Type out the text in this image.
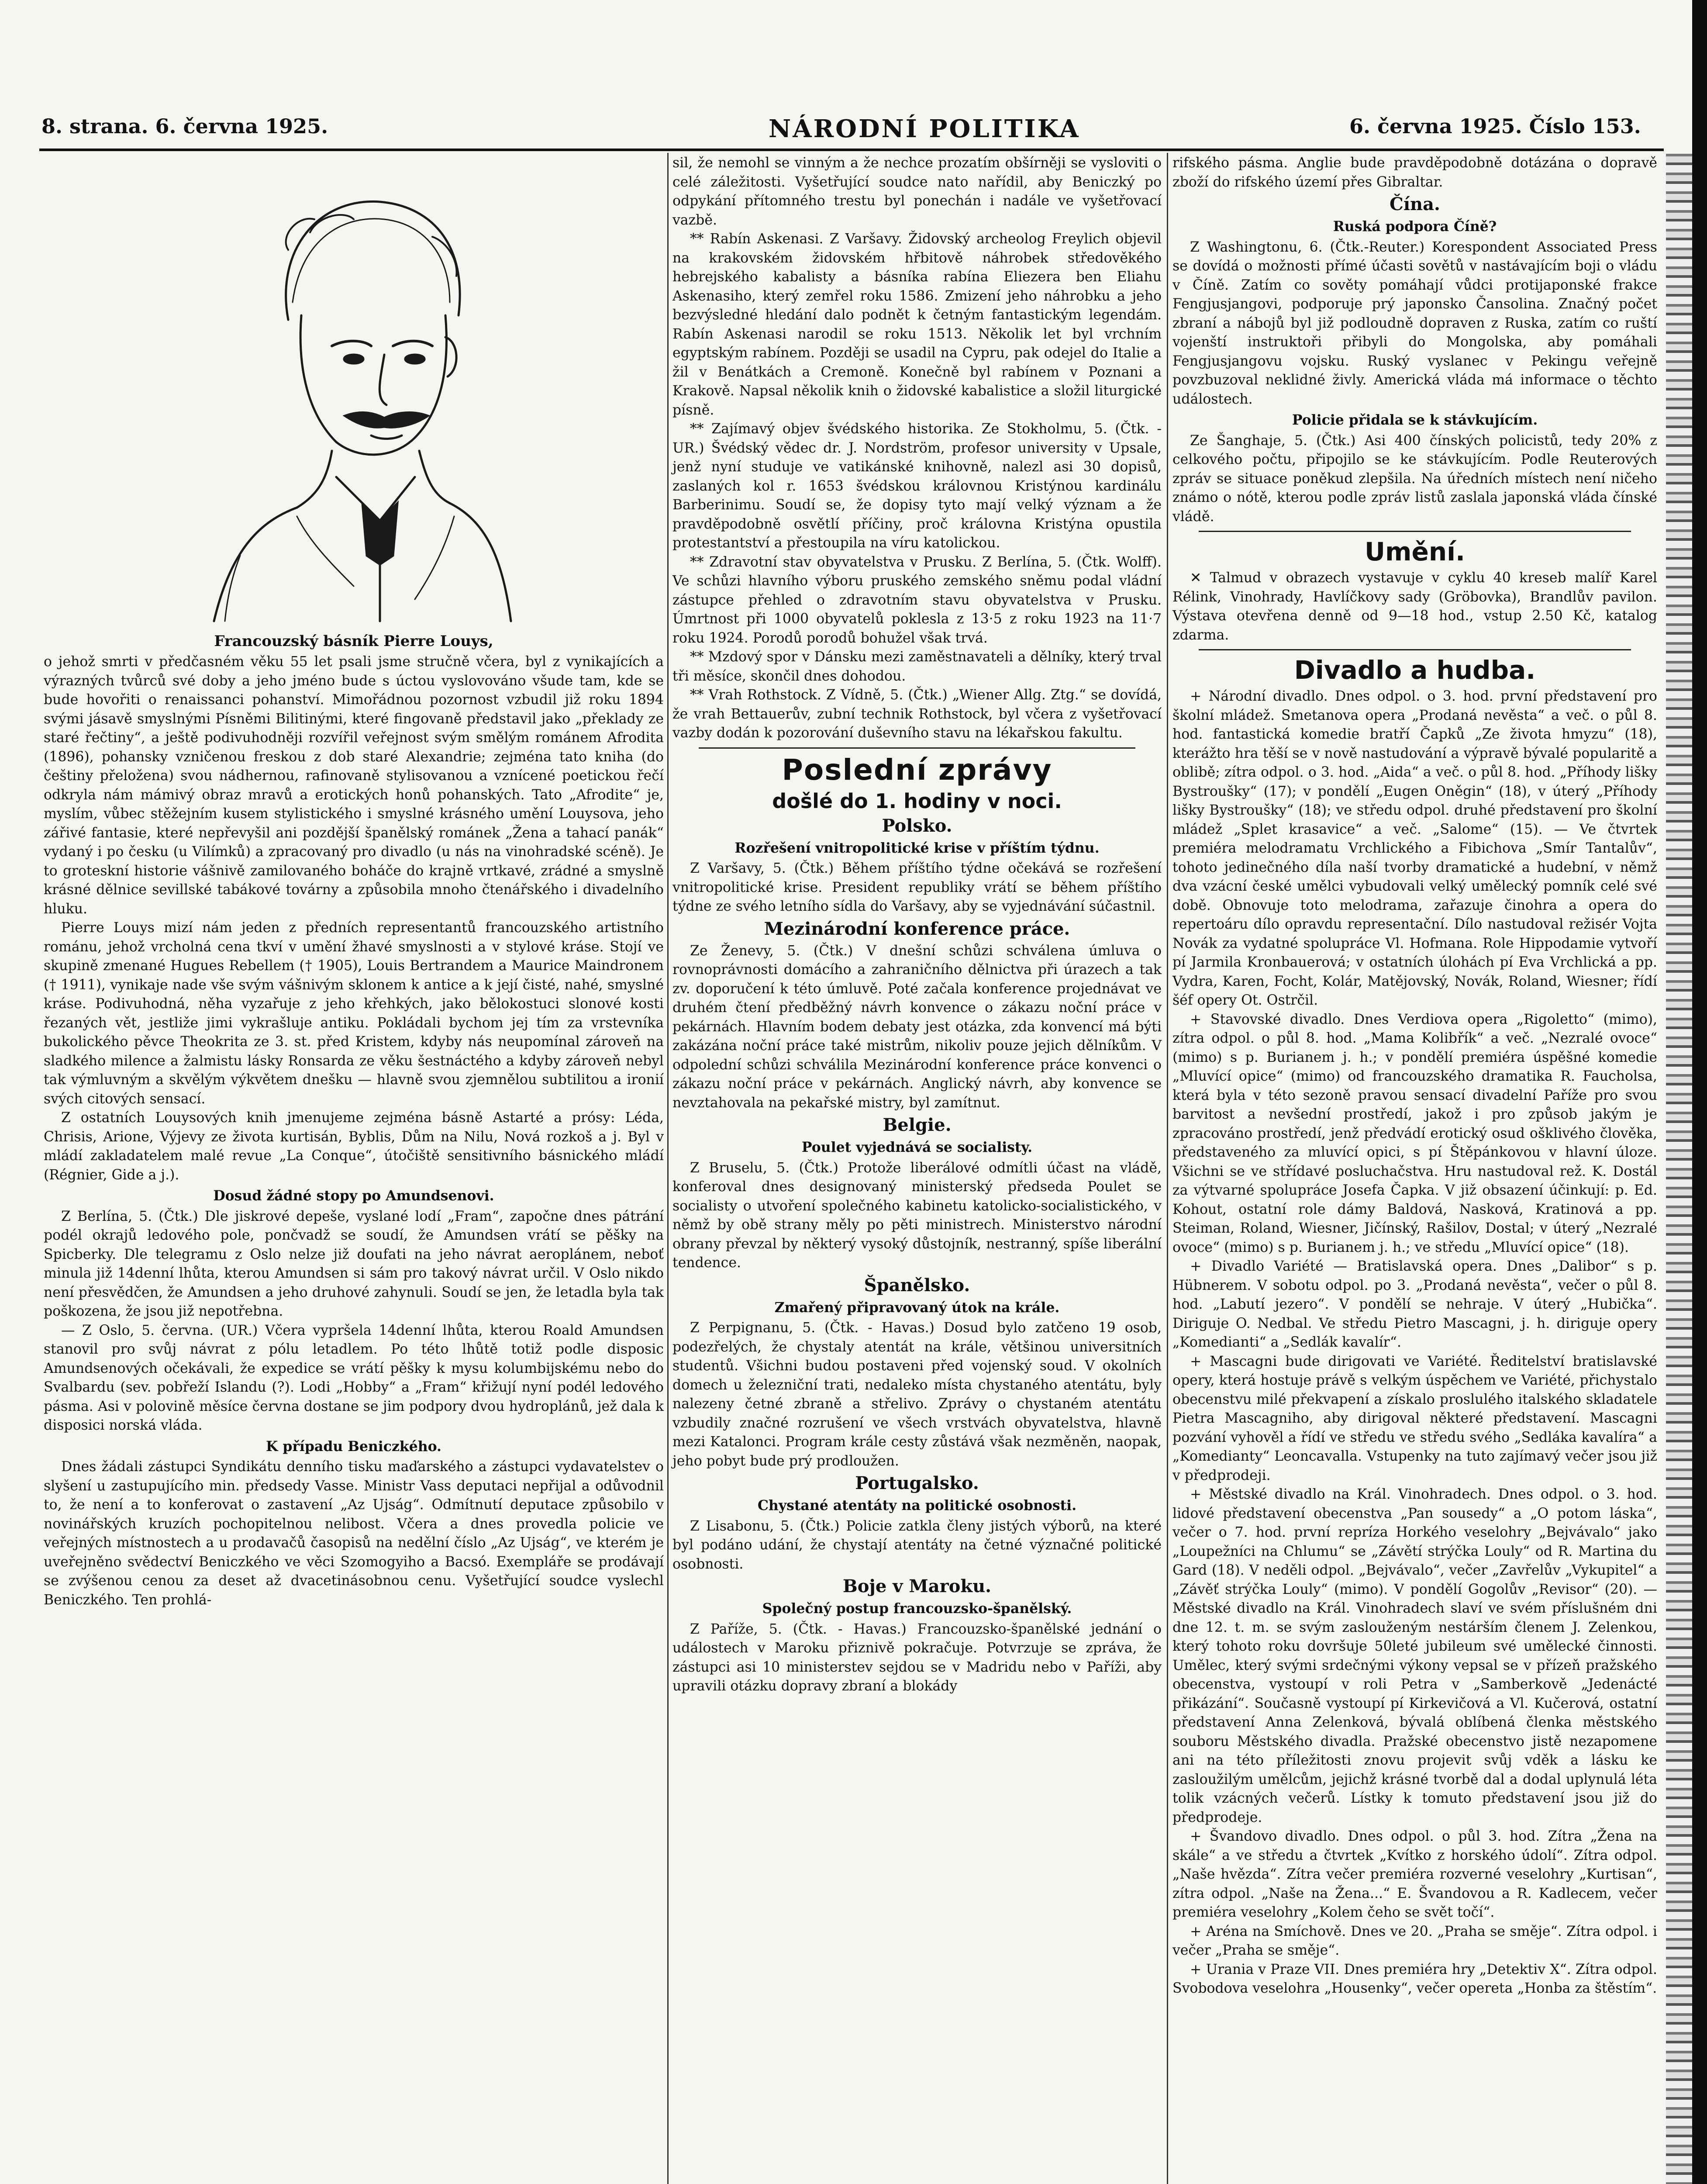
8. strana. 6. června 1925.	NÁRODNÍ POLITIKA	6. června 1925. Číslo 153.

Francouzský básník Pierre Louys,

o jehož smrti v předčasném věku 55 let psali jsme stručně včera, byl z vynikajících a výrazných tvůrců své doby a jeho jméno bude s úctou vyslovováno všude tam, kde se bude hovořiti o renaissanci pohanství. Mimořádnou pozornost vzbudil již roku 1894 svými jásavě smyslnými Písněmi Bilitinými, které fingovaně představil jako „překlady ze staré řečtiny“, a ještě podivuhodněji rozvířil veřejnost svým smělým románem Afrodita (1896), pohansky vzničenou freskou z dob staré Alexandrie; zejména tato kniha (do češtiny přeložena) svou nádhernou, rafinovaně stylisovanou a vznícené poetickou řečí odkryla nám mámivý obraz mravů a erotických honů pohanských. Tato „Afrodite“ je, myslím, vůbec stěžejním kusem stylistického i smyslné krásného umění Louysova, jeho zářivé fantasie, které nepřevyšil ani pozdější španělský románek „Žena a tahací panák“ vydaný i po česku (u Vilímků) a zpracovaný pro divadlo (u nás na vinohradské scéně). Je to groteskní historie vášnivě zamilovaného boháče do krajně vrtkavé, zrádné a smyslně krásné dělnice sevillské tabákové továrny a způsobila mnoho čtenářského i divadelního hluku.

Pierre Louys mizí nám jeden z předních representantů francouzského artistního románu, jehož vrcholná cena tkví v umění žhavé smyslnosti a v stylové kráse. Stojí ve skupině zmenané Hugues Rebellem († 1905), Louis Bertrandem a Maurice Maindronem († 1911), vynikaje nade vše svým vášnivým sklonem k antice a k její čisté, nahé, smyslné kráse. Podivuhodná, něha vyzařuje z jeho křehkých, jako bělokostuci slonové kosti řezaných vět, jestliže jimi vykrašluje antiku. Pokládali bychom jej tím za vrstevníka bukolického pěvce Theokrita ze 3. st. před Kristem, kdyby nás neupomínal zároveň na sladkého milence a žalmistu lásky Ronsarda ze věku šestnáctého a kdyby zároveň nebyl tak výmluvným a skvělým výkvětem dnešku — hlavně svou zjemnělou subtilitou a ironií svých citových sensací.

Z ostatních Louysových knih jmenujeme zejména básně Astarté a prósy: Léda, Chrisis, Arione, Výjevy ze života kurtisán, Byblis, Dům na Nilu, Nová rozkoš a j. Byl v mládí zakladatelem malé revue „La Conque“, útočiště sensitivního básnického mládí (Régnier, Gide a j.).

Dosud žádné stopy po Amundsenovi.

Z Berlína, 5. (Čtk.) Dle jiskrové depeše, vyslané lodí „Fram“, započne dnes pátrání podél okrajů ledového pole, pončvadž se soudí, že Amundsen vrátí se pěšky na Spicberky. Dle telegramu z Oslo nelze již doufati na jeho návrat aeroplánem, neboť minula již 14denní lhůta, kterou Amundsen si sám pro takový návrat určil. V Oslo nikdo není přesvědčen, že Amundsen a jeho druhové zahynuli. Soudí se jen, že letadla byla tak poškozena, že jsou již nepotřebna.

— Z Oslo, 5. června. (UR.) Včera vypršela 14denní lhůta, kterou Roald Amundsen stanovil pro svůj návrat z pólu letadlem. Po této lhůtě totiž podle disposic Amundsenových očekávali, že expedice se vrátí pěšky k mysu kolumbijskému nebo do Svalbardu (sev. pobřeží Islandu (?). Lodi „Hobby“ a „Fram“ křižují nyní podél ledového pásma. Asi v polovině měsíce června dostane se jim podpory dvou hydroplánů, jež dala k disposici norská vláda.

K případu Beniczkého.

Dnes žádali zástupci Syndikátu denního tisku maďarského a zástupci vydavatelstev o slyšení u zastupujícího min. předsedy Vasse. Ministr Vass deputaci nepřijal a odůvodnil to, že není a to konferovat o zastavení „Az Ujság“. Odmítnutí deputace způsobilo v novinářských kruzích pochopitelnou nelibost. Včera a dnes provedla policie ve veřejných místnostech a u prodavačů časopisů na nedělní číslo „Az Ujság“, ve kterém je uveřejněno svědectví Beniczkého ve věci Szomogyiho a Bacsó. Exempláře se prodávají se zvýšenou cenou za deset až dvacetinásobnou cenu. Vyšetřující soudce vyslechl Beniczkého. Ten prohlá-

sil, že nemohl se vinným a že nechce prozatím obšírněji se vysloviti o celé záležitosti. Vyšetřující soudce nato nařídil, aby Beniczký po odpykání přítomného trestu byl ponechán i nadále ve vyšetřovací vazbě.

** Rabín Askenasi. Z Varšavy. Židovský archeolog Freylich objevil na krakovském židovském hřbitově náhrobek středověkého hebrejského kabalisty a básníka rabína Eliezera ben Eliahu Askenasiho, který zemřel roku 1586. Zmizení jeho náhrobku a jeho bezvýsledné hledání dalo podnět k četným fantastickým legendám. Rabín Askenasi narodil se roku 1513. Několik let byl vrchním egyptským rabínem. Později se usadil na Cypru, pak odejel do Italie a žil v Benátkách a Cremoně. Konečně byl rabínem v Poznani a Krakově. Napsal několik knih o židovské kabalistice a složil liturgické písně.

** Zajímavý objev švédského historika. Ze Stokholmu, 5. (Čtk. - UR.) Švédský vědec dr. J. Nordström, profesor university v Upsale, jenž nyní studuje ve vatikánské knihovně, nalezl asi 30 dopisů, zaslaných kol r. 1653 švédskou královnou Kristýnou kardinálu Barberinimu. Soudí se, že dopisy tyto mají velký význam a že pravděpodobně osvětlí příčiny, proč královna Kristýna opustila protestantství a přestoupila na víru katolickou.

** Zdravotní stav obyvatelstva v Prusku. Z Berlína, 5. (Čtk. Wolff). Ve schůzi hlavního výboru pruského zemského sněmu podal vládní zástupce přehled o zdravotním stavu obyvatelstva v Prusku. Úmrtnost při 1000 obyvatelů poklesla z 13·5 z roku 1923 na 11·7 roku 1924. Porodů porodů bohužel však trvá.

** Mzdový spor v Dánsku mezi zaměstnavateli a dělníky, který trval tři měsíce, skončil dnes dohodou.

** Vrah Rothstock. Z Vídně, 5. (Čtk.) „Wiener Allg. Ztg.“ se dovídá, že vrah Bettauerův, zubní technik Rothstock, byl včera z vyšetřovací vazby dodán k pozorování duševního stavu na lékařskou fakultu.

Poslední zprávy

došlé do 1. hodiny v noci.

Polsko.

Rozřešení vnitropolitické krise v příštím týdnu.

Z Varšavy, 5. (Čtk.) Během příštího týdne očekává se rozřešení vnitropolitické krise. President republiky vrátí se během příštího týdne ze svého letního sídla do Varšavy, aby se vyjednávání súčastnil.

Mezinárodní konference práce.

Ze Ženevy, 5. (Čtk.) V dnešní schůzi schválena úmluva o rovnoprávnosti domácího a zahraničního dělnictva při úrazech a tak zv. doporučení k této úmluvě. Poté začala konference projednávat ve druhém čtení předběžný návrh konvence o zákazu noční práce v pekárnách. Hlavním bodem debaty jest otázka, zda konvencí má býti zakázána noční práce také mistrům, nikoliv pouze jejich dělníkům. V odpolední schůzi schválila Mezinárodní konference práce konvenci o zákazu noční práce v pekárnách. Anglický návrh, aby konvence se nevztahovala na pekařské mistry, byl zamítnut.

Belgie.

Poulet vyjednává se socialisty.

Z Bruselu, 5. (Čtk.) Protože liberálové odmítli účast na vládě, konferoval dnes designovaný ministerský předseda Poulet se socialisty o utvoření společného kabinetu katolicko-socialistického, v němž by obě strany měly po pěti ministrech. Ministerstvo národní obrany převzal by některý vysoký důstojník, nestranný, spíše liberální tendence.

Španělsko.

Zmařený připravovaný útok na krále.

Z Perpignanu, 5. (Čtk. - Havas.) Dosud bylo zatčeno 19 osob, podezřelých, že chystaly atentát na krále, většinou universitních studentů. Všichni budou postaveni před vojenský soud. V okolních domech u železniční trati, nedaleko místa chystaného atentátu, byly nalezeny četné zbraně a střelivo. Zprávy o chystaném atentátu vzbudily značné rozrušení ve všech vrstvách obyvatelstva, hlavně mezi Katalonci. Program krále cesty zůstává však nezměněn, naopak, jeho pobyt bude prý prodloužen.

Portugalsko.

Chystané atentáty na politické osobnosti.

Z Lisabonu, 5. (Čtk.) Policie zatkla členy jistých výborů, na které byl podáno udání, že chystají atentáty na četné význačné politické osobnosti.

Boje v Maroku.

Společný postup francouzsko-španělský.

Z Paříže, 5. (Čtk. - Havas.) Francouzsko-španělské jednání o událostech v Maroku přiznivě pokračuje. Potvrzuje se zpráva, že zástupci asi 10 ministerstev sejdou se v Madridu nebo v Paříži, aby upravili otázku dopravy zbraní a blokády

rifského pásma. Anglie bude pravděpodobně dotázána o dopravě zboží do rifského území přes Gibraltar.

Čína.

Ruská podpora Číně?

Z Washingtonu, 6. (Čtk.-Reuter.) Korespondent Associated Press se dovídá o možnosti přímé účasti sovětů v nastávajícím boji o vládu v Číně. Zatím co sověty pomáhají vůdci protijaponské frakce Fengjusjangovi, podporuje prý japonsko Čansolina. Značný počet zbraní a nábojů byl již podloudně dopraven z Ruska, zatím co ruští vojenští instruktoři přibyli do Mongolska, aby pomáhali Fengjusjangovu vojsku. Ruský vyslanec v Pekingu veřejně povzbuzoval neklidné živly. Americká vláda má informace o těchto událostech.

Policie přidala se k stávkujícím.

Ze Šanghaje, 5. (Čtk.) Asi 400 čínských policistů, tedy 20% z celkového počtu, připojilo se ke stávkujícím. Podle Reuterových zpráv se situace poněkud zlepšila. Na úředních místech není ničeho známo o nótě, kterou podle zpráv listů zaslala japonská vláda čínské vládě.

Umění.

✕ Talmud v obrazech vystavuje v cyklu 40 kreseb malíř Karel Rélink, Vinohrady, Havlíčkovy sady (Gröbovka), Brandlův pavilon. Výstava otevřena denně od 9—18 hod., vstup 2.50 Kč, katalog zdarma.

Divadlo a hudba.

+ Národní divadlo. Dnes odpol. o 3. hod. první představení pro školní mládež. Smetanova opera „Prodaná nevěsta“ a več. o půl 8. hod. fantastická komedie bratří Čapků „Ze života hmyzu“ (18), kterážto hra těší se v nově nastudování a výpravě bývalé popularitě a oblibě; zítra odpol. o 3. hod. „Aida“ a več. o půl 8. hod. „Příhody lišky Bystroušky“ (17); v pondělí „Eugen Oněgin“ (18), v úterý „Příhody lišky Bystroušky“ (18); ve středu odpol. druhé představení pro školní mládež „Splet krasavice“ a več. „Salome“ (15). — Ve čtvrtek premiéra melodramatu Vrchlického a Fibichova „Smír Tantalův“, tohoto jedinečného díla naší tvorby dramatické a hudební, v němž dva vzácní české umělci vybudovali velký umělecký pomník celé své době. Obnovuje toto melodrama, zařazuje činohra a opera do repertoáru dílo opravdu representační. Dílo nastudoval režisér Vojta Novák za vydatné spolupráce Vl. Hofmana. Role Hippodamie vytvoří pí Jarmila Kronbauerová; v ostatních úlohách pí Eva Vrchlická a pp. Vydra, Karen, Focht, Kolár, Matějovský, Novák, Roland, Wiesner; řídí šéf opery Ot. Ostrčil.

+ Stavovské divadlo. Dnes Verdiova opera „Rigoletto“ (mimo), zítra odpol. o půl 8. hod. „Mama Kolibřík“ a več. „Nezralé ovoce“ (mimo) s p. Burianem j. h.; v pondělí premiéra úspěšné komedie „Mluvící opice“ (mimo) od francouzského dramatika R. Faucholsa, která byla v této sezoně pravou sensací divadelní Paříže pro svou barvitost a nevšední prostředí, jakož i pro způsob jakým je zpracováno prostředí, jenž předvádí erotický osud ošklivého člověka, představeného za mluvící opici, s pí Štěpánkovou v hlavní úloze. Všichni se ve střídavé posluchačstva. Hru nastudoval rež. K. Dostál za výtvarné spolupráce Josefa Čapka. V již obsazení účinkují: p. Ed. Kohout, ostatní role dámy Baldová, Nasková, Kratinová a pp. Steiman, Roland, Wiesner, Jičínský, Rašilov, Dostal; v úterý „Nezralé ovoce“ (mimo) s p. Burianem j. h.; ve středu „Mluvící opice“ (18).

+ Divadlo Variété — Bratislavská opera. Dnes „Dalibor“ s p. Hübnerem. V sobotu odpol. po 3. „Prodaná nevěsta“, večer o půl 8. hod. „Labutí jezero“. V pondělí se nehraje. V úterý „Hubička“. Diriguje O. Nedbal. Ve středu Pietro Mascagni, j. h. diriguje opery „Komedianti“ a „Sedlák kavalír“.

+ Mascagni bude dirigovati ve Variété. Ředitelství bratislavské opery, která hostuje právě s velkým úspěchem ve Variété, přichystalo obecenstvu milé překvapení a získalo proslulého italského skladatele Pietra Mascagniho, aby dirigoval některé představení. Mascagni pozvání vyhověl a řídí ve středu ve středu svého „Sedláka kavalíra“ a „Komedianty“ Leoncavalla. Vstupenky na tuto zajímavý večer jsou již v předprodeji.

+ Městské divadlo na Král. Vinohradech. Dnes odpol. o 3. hod. lidové představení obecenstva „Pan sousedy“ a „O potom láska“, večer o 7. hod. první repríza Horkého veselohry „Bejvávalo“ jako „Loupežníci na Chlumu“ se „Závětí strýčka Louly“ od R. Martina du Gard (18). V neděli odpol. „Bejvávalo“, večer „Zavřelův „Vykupitel“ a „Závěť strýčka Louly“ (mimo). V pondělí Gogolův „Revisor“ (20). — Městské divadlo na Král. Vinohradech slaví ve svém příslušném dni dne 12. t. m. se svým zaslouženým nestárším členem J. Zelenkou, který tohoto roku dovršuje 50leté jubileum své umělecké činnosti. Umělec, který svými srdečnými výkony vepsal se v přízeň pražského obecenstva, vystoupí v roli Petra v „Samberkově „Jedenácté přikázání“. Současně vystoupí pí Kirkevičová a Vl. Kučerová, ostatní představení Anna Zelenková, bývalá oblíbená členka městského souboru Městského divadla. Pražské obecenstvo jistě nezapomene ani na této příležitosti znovu projevit svůj vděk a lásku ke zasloužilým umělcům, jejichž krásné tvorbě dal a dodal uplynulá léta tolik vzácných večerů. Lístky k tomuto představení jsou již do předprodeje.

+ Švandovo divadlo. Dnes odpol. o půl 3. hod. Zítra „Žena na skále“ a ve středu a čtvrtek „Kvítko z horského údolí“. Zítra odpol. „Naše hvězda“. Zítra večer premiéra rozverné veselohry „Kurtisan“, zítra odpol. „Naše na Žena...“ E. Švandovou a R. Kadlecem, večer premiéra veselohry „Kolem čeho se svět točí“.

+ Aréna na Smíchově. Dnes ve 20. „Praha se směje“. Zítra odpol. i večer „Praha se směje“.

+ Urania v Praze VII. Dnes premiéra hry „Detektiv X“. Zítra odpol. Svobodova veselohra „Housenky“, večer opereta „Honba za štěstím“.
